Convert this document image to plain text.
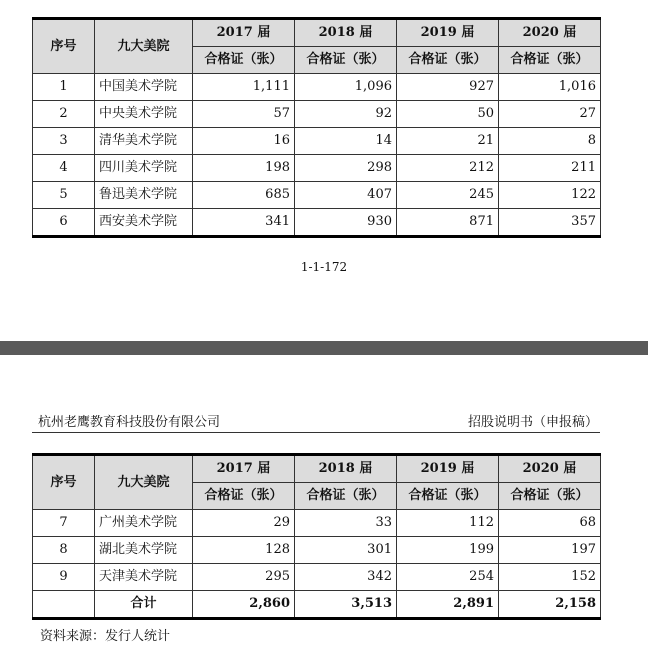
序号	九大美院	2017 届	2018 届	2019 届	2020 届
		合格证（张）	合格证（张）	合格证（张）	合格证（张）
1	中国美术学院	1,111	1,096	927	1,016
2	中央美术学院	57	92	50	27
3	清华美术学院	16	14	21	8
4	四川美术学院	198	298	212	211
5	鲁迅美术学院	685	407	245	122
6	西安美术学院	341	930	871	357
1-1-172
杭州老鹰教育科技股份有限公司	招股说明书（申报稿）
序号	九大美院	2017 届	2018 届	2019 届	2020 届
		合格证（张）	合格证（张）	合格证（张）	合格证（张）
7	广州美术学院	29	33	112	68
8	湖北美术学院	128	301	199	197
9	天津美术学院	295	342	254	152
	合计	2,860	3,513	2,891	2,158
资料来源：发行人统计
